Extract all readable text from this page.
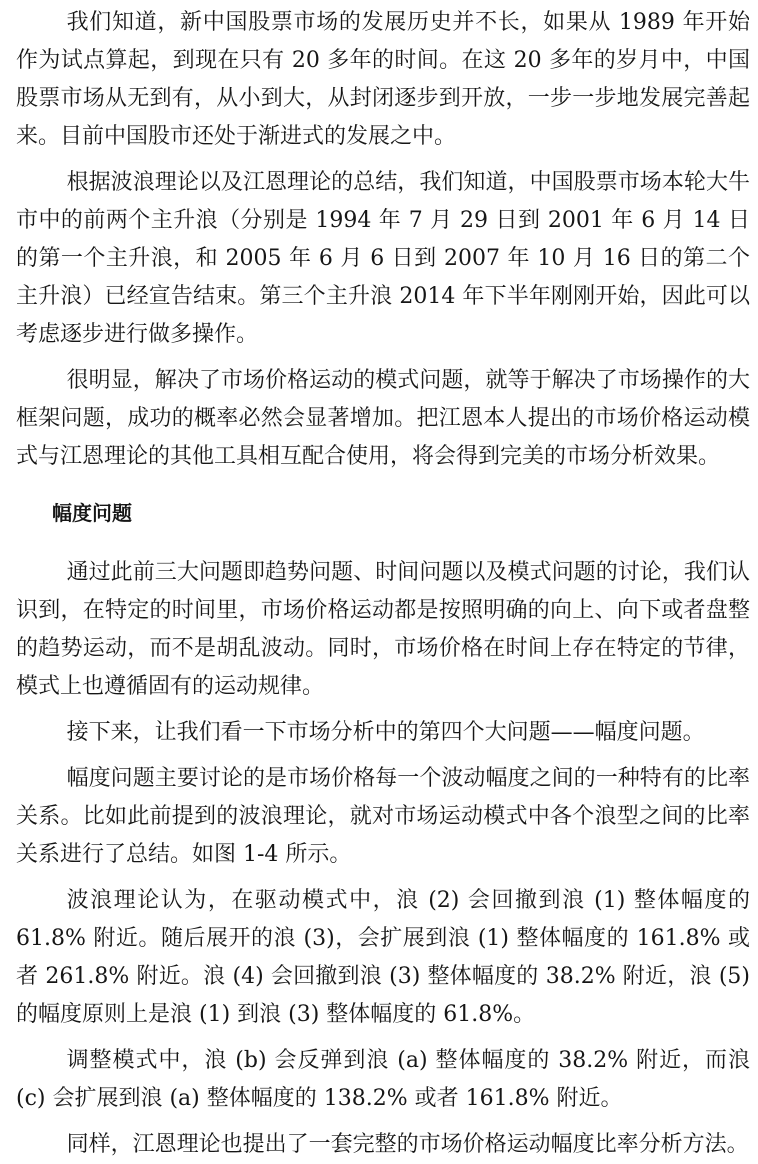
我们知道，新中国股票市场的发展历史并不长，如果从 1989 年开始作为试点算起，到现在只有 20 多年的时间。在这 20 多年的岁月中，中国股票市场从无到有，从小到大，从封闭逐步到开放，一步一步地发展完善起来。目前中国股市还处于渐进式的发展之中。

根据波浪理论以及江恩理论的总结，我们知道，中国股票市场本轮大牛市中的前两个主升浪（分别是 1994 年 7 月 29 日到 2001 年 6 月 14 日的第一个主升浪，和 2005 年 6 月 6 日到 2007 年 10 月 16 日的第二个主升浪）已经宣告结束。第三个主升浪 2014 年下半年刚刚开始，因此可以考虑逐步进行做多操作。

很明显，解决了市场价格运动的模式问题，就等于解决了市场操作的大框架问题，成功的概率必然会显著增加。把江恩本人提出的市场价格运动模式与江恩理论的其他工具相互配合使用，将会得到完美的市场分析效果。

幅度问题

通过此前三大问题即趋势问题、时间问题以及模式问题的讨论，我们认识到，在特定的时间里，市场价格运动都是按照明确的向上、向下或者盘整的趋势运动，而不是胡乱波动。同时，市场价格在时间上存在特定的节律，模式上也遵循固有的运动规律。

接下来，让我们看一下市场分析中的第四个大问题——幅度问题。

幅度问题主要讨论的是市场价格每一个波动幅度之间的一种特有的比率关系。比如此前提到的波浪理论，就对市场运动模式中各个浪型之间的比率关系进行了总结。如图 1-4 所示。

波浪理论认为，在驱动模式中，浪 (2) 会回撤到浪 (1) 整体幅度的 61.8% 附近。随后展开的浪 (3)，会扩展到浪 (1) 整体幅度的 161.8% 或者 261.8% 附近。浪 (4) 会回撤到浪 (3) 整体幅度的 38.2% 附近，浪 (5) 的幅度原则上是浪 (1) 到浪 (3) 整体幅度的 61.8%。

调整模式中，浪 (b) 会反弹到浪 (a) 整体幅度的 38.2% 附近，而浪 (c) 会扩展到浪 (a) 整体幅度的 138.2% 或者 161.8% 附近。

同样，江恩理论也提出了一套完整的市场价格运动幅度比率分析方法。
